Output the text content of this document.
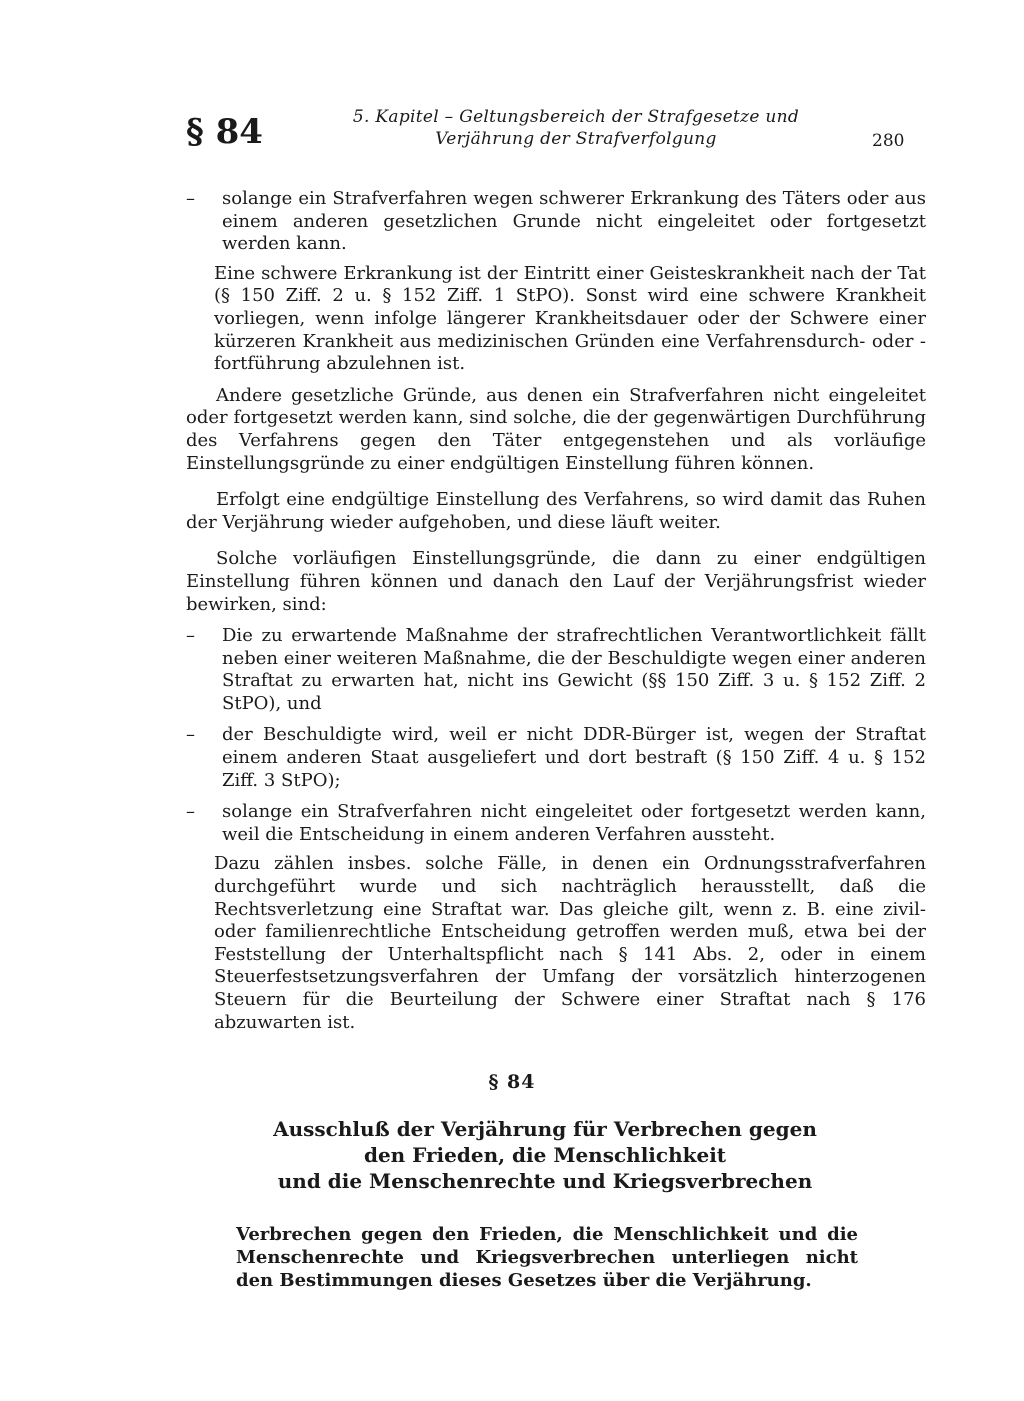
§ 84	5. Kapitel – Geltungsbereich der Strafgesetze und
Verjährung der Strafverfolgung	280
– solange ein Strafverfahren wegen schwerer Erkrankung des Täters oder aus einem anderen gesetzlichen Grunde nicht eingeleitet oder fortgesetzt werden kann.

Eine schwere Erkrankung ist der Eintritt einer Geisteskrankheit nach der Tat (§ 150 Ziff. 2 u. § 152 Ziff. 1 StPO). Sonst wird eine schwere Krankheit vorliegen, wenn infolge längerer Krankheitsdauer oder der Schwere einer kürzeren Krankheit aus medizinischen Gründen eine Verfahrensdurch- oder -fortführung abzulehnen ist.

Andere gesetzliche Gründe, aus denen ein Strafverfahren nicht eingeleitet oder fortgesetzt werden kann, sind solche, die der gegenwärtigen Durchführung des Verfahrens gegen den Täter entgegenstehen und als vorläufige Einstellungsgründe zu einer endgültigen Einstellung führen können.

Erfolgt eine endgültige Einstellung des Verfahrens, so wird damit das Ruhen der Verjährung wieder aufgehoben, und diese läuft weiter.

Solche vorläufigen Einstellungsgründe, die dann zu einer endgültigen Einstellung führen können und danach den Lauf der Verjährungsfrist wieder bewirken, sind:

– Die zu erwartende Maßnahme der strafrechtlichen Verantwortlichkeit fällt neben einer weiteren Maßnahme, die der Beschuldigte wegen einer anderen Straftat zu erwarten hat, nicht ins Gewicht (§§ 150 Ziff. 3 u. § 152 Ziff. 2 StPO), und
– der Beschuldigte wird, weil er nicht DDR-Bürger ist, wegen der Straftat einem anderen Staat ausgeliefert und dort bestraft (§ 150 Ziff. 4 u. § 152 Ziff. 3 StPO);
– solange ein Strafverfahren nicht eingeleitet oder fortgesetzt werden kann, weil die Entscheidung in einem anderen Verfahren aussteht.

Dazu zählen insbes. solche Fälle, in denen ein Ordnungsstrafverfahren durchgeführt wurde und sich nachträglich herausstellt, daß die Rechtsverletzung eine Straftat war. Das gleiche gilt, wenn z. B. eine zivil- oder familienrechtliche Entscheidung getroffen werden muß, etwa bei der Feststellung der Unterhaltspflicht nach § 141 Abs. 2, oder in einem Steuerfestsetzungsverfahren der Umfang der vorsätzlich hinterzogenen Steuern für die Beurteilung der Schwere einer Straftat nach § 176 abzuwarten ist.

§ 84
Ausschluß der Verjährung für Verbrechen gegen
den Frieden, die Menschlichkeit
und die Menschenrechte und Kriegsverbrechen

Verbrechen gegen den Frieden, die Menschlichkeit und die Menschenrechte und Kriegsverbrechen unterliegen nicht den Bestimmungen dieses Gesetzes über die Verjährung.
